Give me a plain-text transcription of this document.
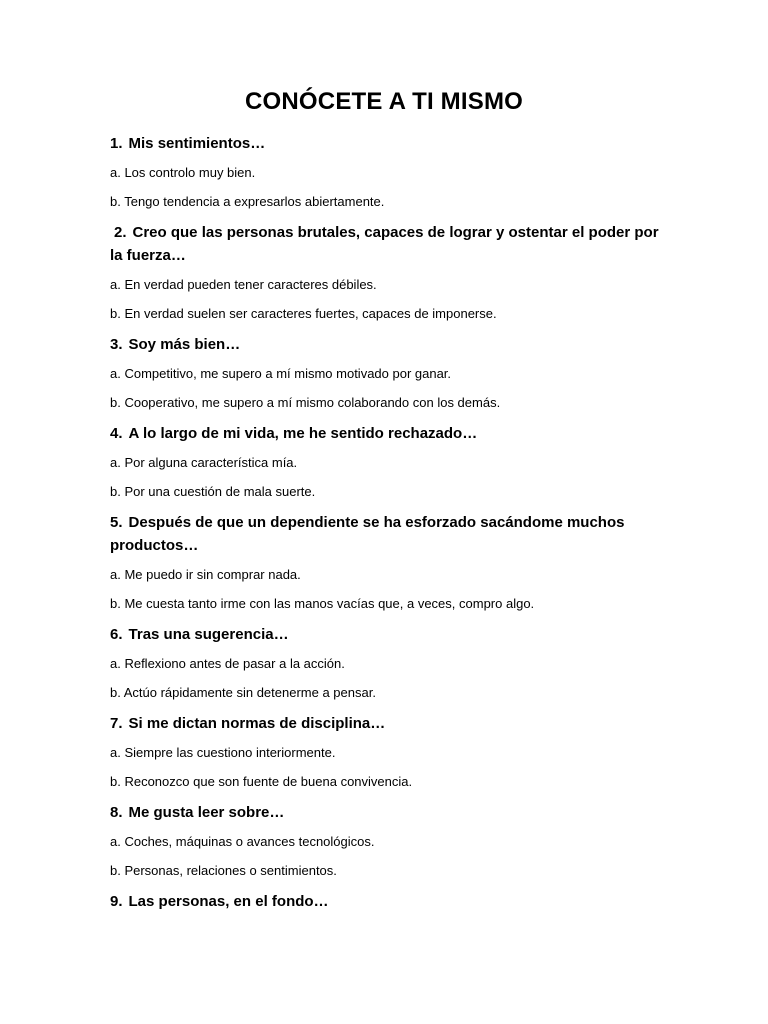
CONÓCETE A TI MISMO
1. Mis sentimientos…
a. Los controlo muy bien.
b. Tengo tendencia a expresarlos abiertamente.
2. Creo que las personas brutales, capaces de lograr y ostentar el poder por la fuerza…
a. En verdad pueden tener caracteres débiles.
b. En verdad suelen ser caracteres fuertes, capaces de imponerse.
3. Soy más bien…
a. Competitivo, me supero a mí mismo motivado por ganar.
b. Cooperativo, me supero a mí mismo colaborando con los demás.
4. A lo largo de mi vida, me he sentido rechazado…
a. Por alguna característica mía.
b. Por una cuestión de mala suerte.
5. Después de que un dependiente se ha esforzado sacándome muchos productos…
a. Me puedo ir sin comprar nada.
b. Me cuesta tanto irme con las manos vacías que, a veces, compro algo.
6. Tras una sugerencia…
a. Reflexiono antes de pasar a la acción.
b. Actúo rápidamente sin detenerme a pensar.
7. Si me dictan normas de disciplina…
a. Siempre las cuestiono interiormente.
b. Reconozco que son fuente de buena convivencia.
8. Me gusta leer sobre…
a. Coches, máquinas o avances tecnológicos.
b. Personas, relaciones o sentimientos.
9. Las personas, en el fondo…
